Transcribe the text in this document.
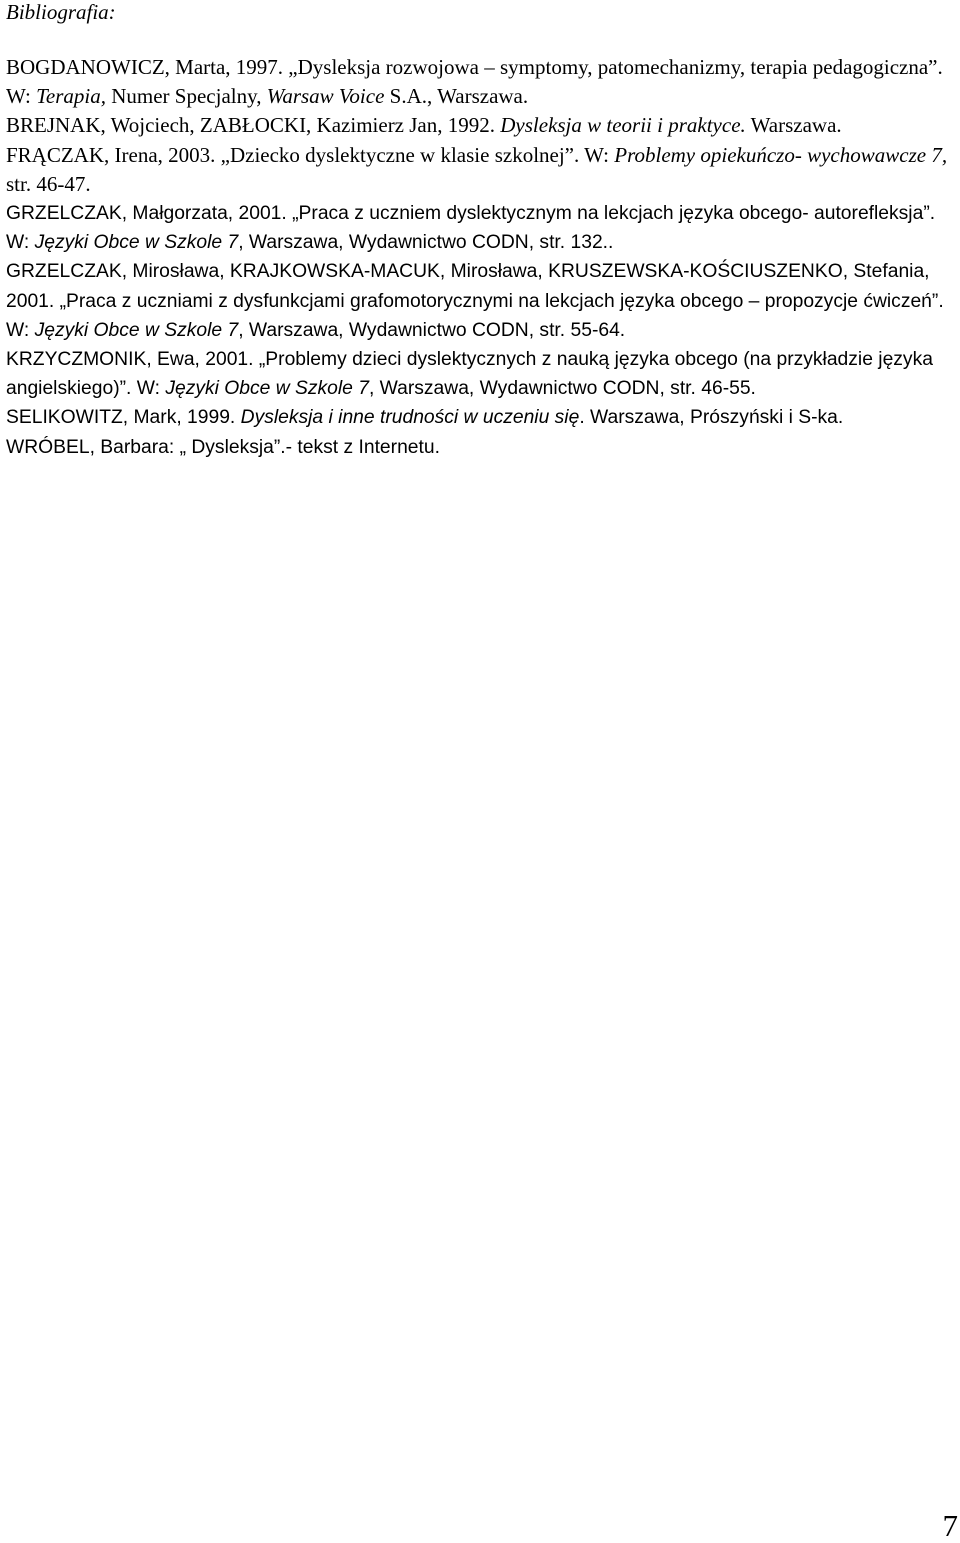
Bibliografia:

BOGDANOWICZ, Marta, 1997. „Dysleksja rozwojowa – symptomy, patomechanizmy, terapia pedagogiczna”. W: Terapia, Numer Specjalny, Warsaw Voice S.A., Warszawa.

BREJNAK, Wojciech, ZABŁOCKI, Kazimierz Jan, 1992. Dysleksja w teorii i praktyce. Warszawa.

FRĄCZAK, Irena, 2003. „Dziecko dyslektyczne w klasie szkolnej”. W: Problemy opiekuńczo- wychowawcze 7, str. 46-47.

GRZELCZAK, Małgorzata, 2001. „Praca z uczniem dyslektycznym na lekcjach języka obcego- autorefleksja”. W: Języki Obce w Szkole 7, Warszawa, Wydawnictwo CODN, str. 132..

GRZELCZAK, Mirosława, KRAJKOWSKA-MACUK, Mirosława, KRUSZEWSKA-KOŚCIUSZENKO, Stefania, 2001. „Praca z uczniami z dysfunkcjami grafomotorycznymi na lekcjach języka obcego – propozycje ćwiczeń”. W: Języki Obce w Szkole 7, Warszawa, Wydawnictwo CODN, str. 55-64.

KRZYCZMONIK, Ewa, 2001. „Problemy dzieci dyslektycznych z nauką języka obcego (na przykładzie języka angielskiego)”. W: Języki Obce w Szkole 7, Warszawa, Wydawnictwo CODN, str. 46-55.

SELIKOWITZ, Mark, 1999. Dysleksja i inne trudności w uczeniu się. Warszawa, Prószyński i S-ka.

WRÓBEL, Barbara: „ Dysleksja”.- tekst z Internetu.

7
